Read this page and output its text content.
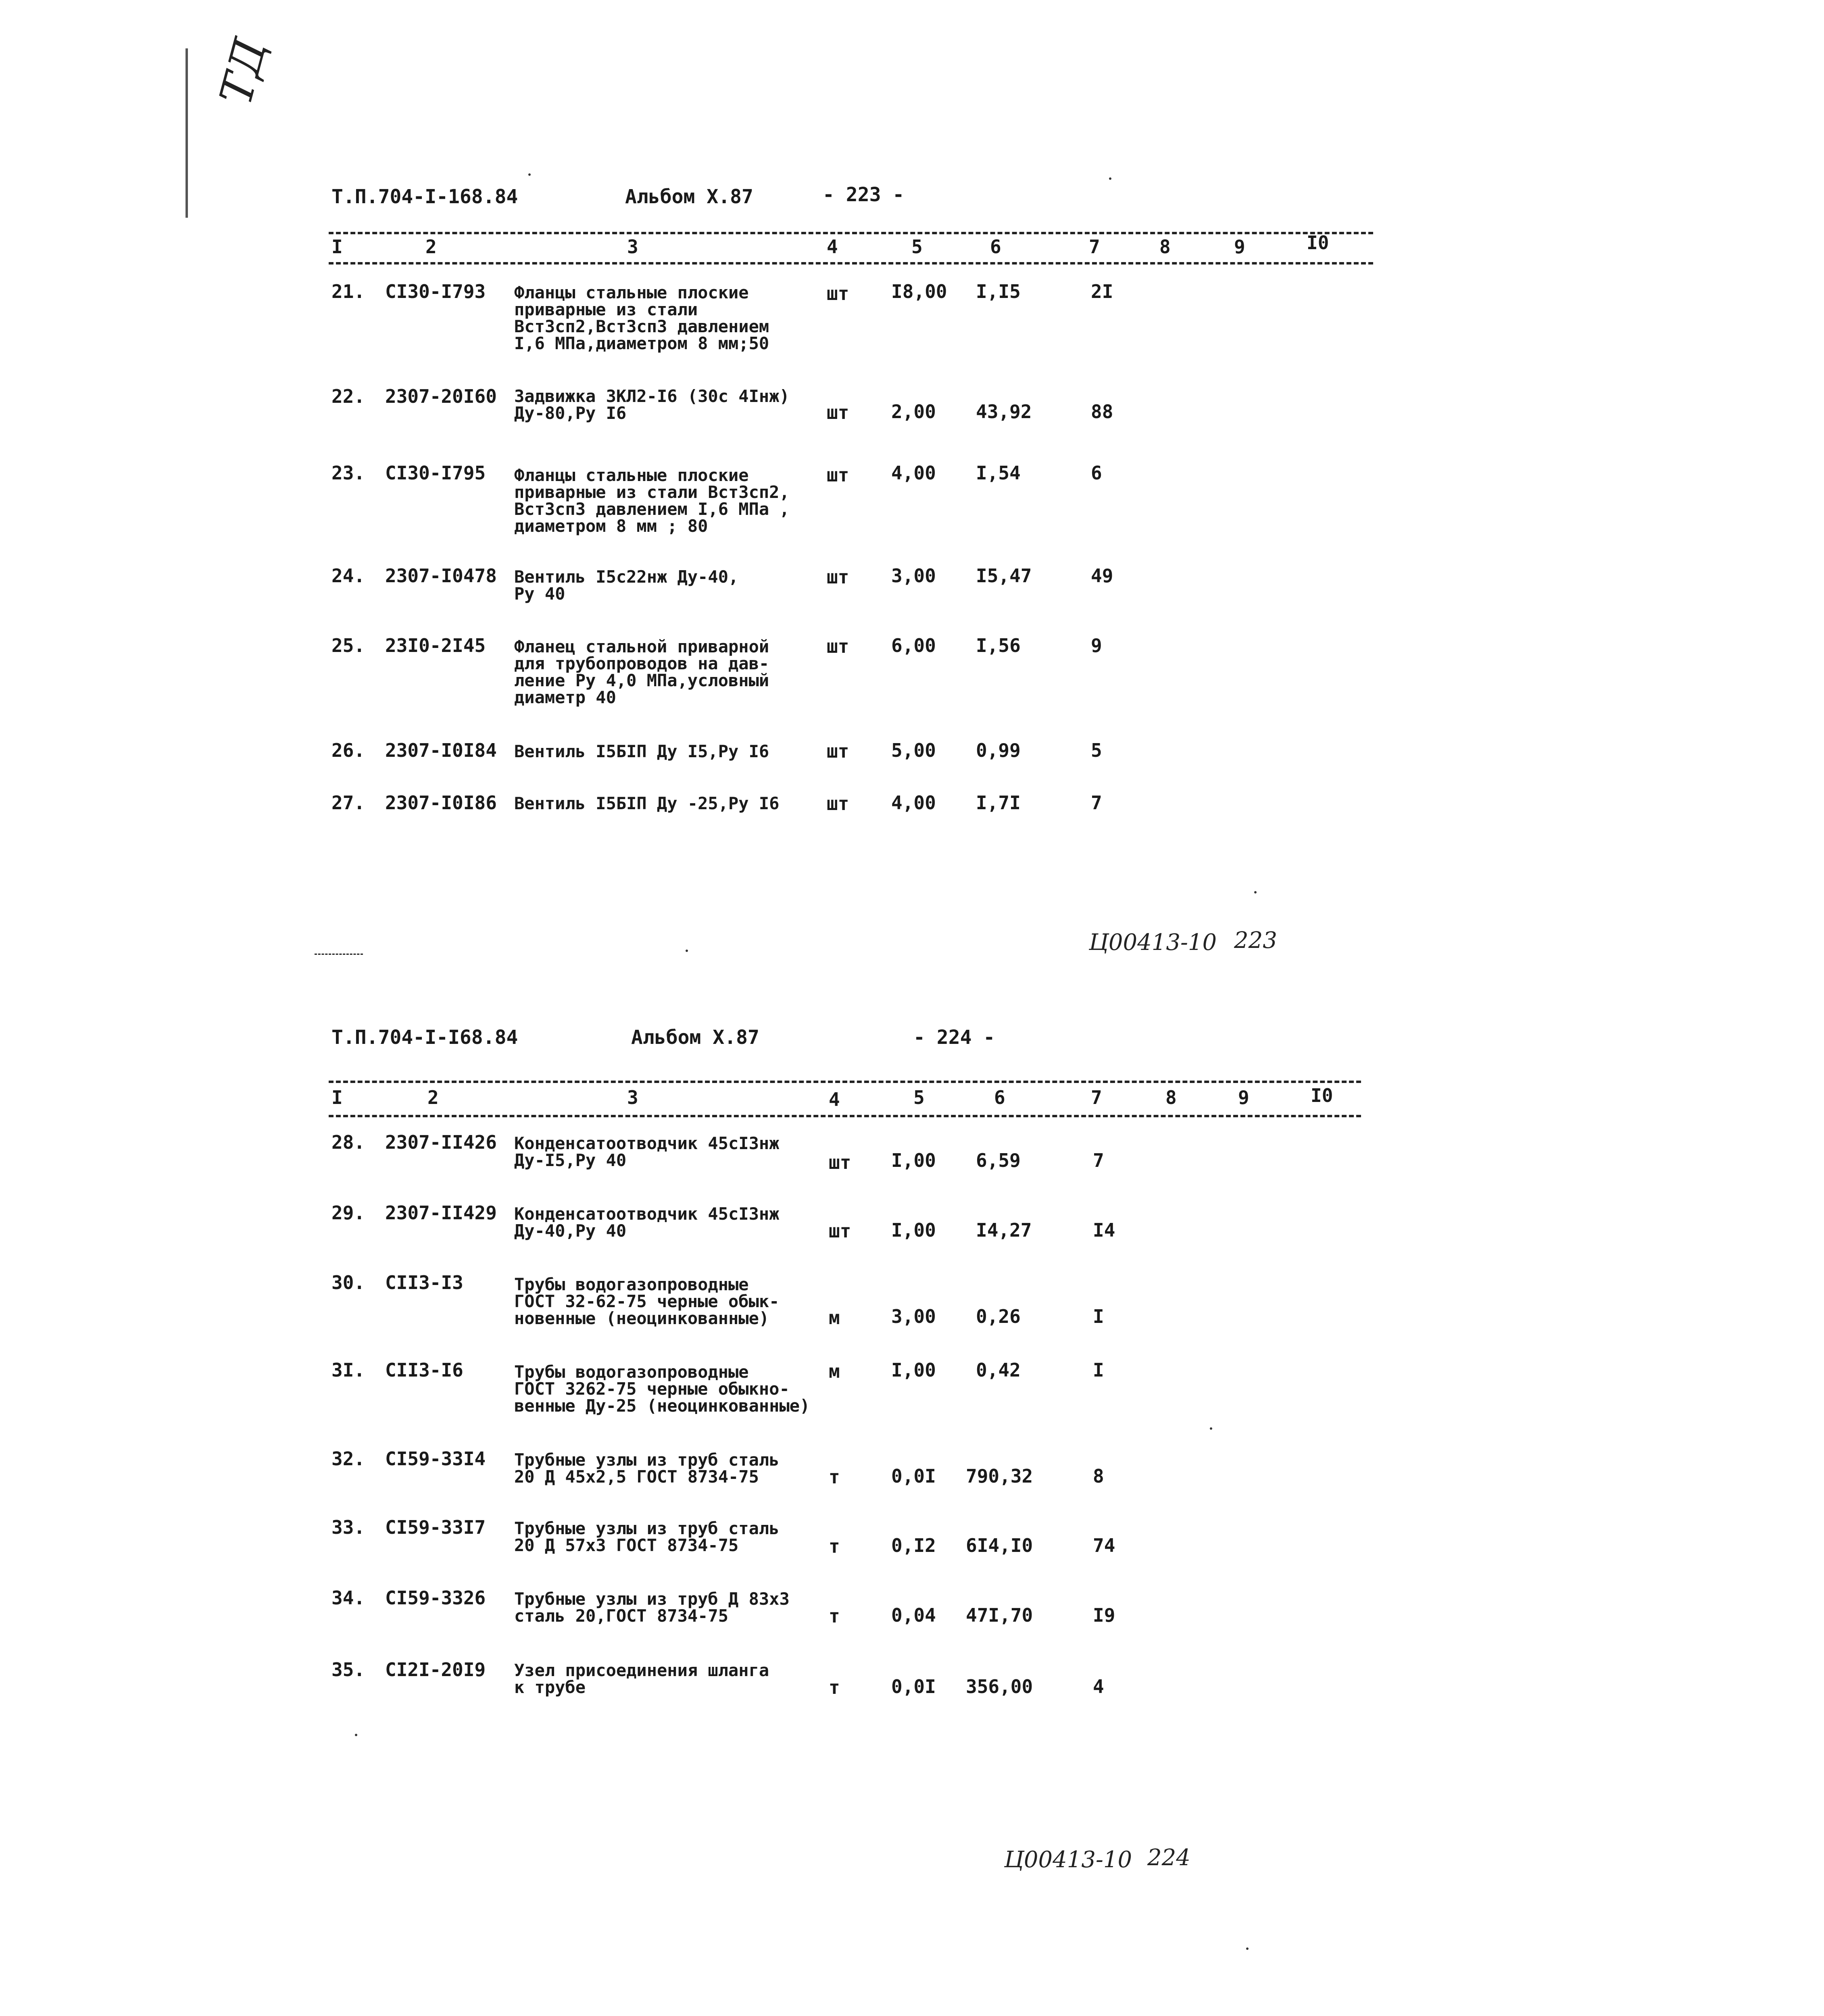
ТД
Т.П.704-I-168.84	Альбом X.87	- 223 -
I	2	3	4	5	6	7	8	9	I0
21. CI30-I793 Фланцы стальные плоские
приварные из стали
Вст3сп2,Вст3сп3 давлением
I,6 МПа,диаметром 8 мм;50
шт I8,00 I,I5	2I
22. 2307-20I60 Задвижка ЗКЛ2-I6 (30с 4Iнж)
Ду-80,Ру I6	шт 2,00 43,92	88
23. CI30-I795 Фланцы стальные плоские
приварные из стали Вст3сп2,
Вст3сп3 давлением I,6 МПа ,
диаметром 8 мм ; 80
шт 4,00 I,54	6
24. 2307-I0478 Вентиль I5с22нж Ду-40,
Ру 40
шт 3,00 I5,47	49
25. 23I0-2I45 Фланец стальной приварной
для трубопроводов на дав-
ление Ру 4,0 МПа,условный
диаметр 40
шт 6,00 I,56	9
26. 2307-I0I84 Вентиль I5БIП Ду I5,Ру I6	шт 5,00 0,99	5
27. 2307-I0I86 Вентиль I5БIП Ду -25,Ру I6	шт 4,00 I,7I	7
Ц00413-10 223
Т.П.704-I-I68.84	Альбом X.87	- 224 -
I	2	3	4	5	6	7	8	9	I0
28. 2307-II426 Конденсатоотводчик 45сI3нж
Ду-I5,Ру 40	шт I,00 6,59	7
29. 2307-II429 Конденсатоотводчик 45сI3нж
Ду-40,Ру 40	шт I,00 I4,27	I4
30. CII3-I3	Трубы водогазопроводные
ГОСТ 32-62-75 черные обык-
новенные (неоцинкованные)	м	3,00 0,26	I
3I. CII3-I6	Трубы водогазопроводные
ГОСТ 3262-75 черные обыкно-
венные Ду-25 (неоцинкованные)
м	I,00 0,42	I
32. CI59-33I4 Трубные узлы из труб сталь
20 Д 45х2,5 ГОСТ 8734-75	т	0,0I 790,32	8
33. CI59-33I7 Трубные узлы из труб сталь
20 Д 57х3 ГОСТ 8734-75	т	0,I2 6I4,I0	74
34. CI59-3326 Трубные узлы из труб Д 83х3
сталь 20,ГОСТ 8734-75	т	0,04 47I,70	I9
35. CI2I-20I9 Узел присоединения шланга
к трубе	т	0,0I 356,00	4
Ц00413-10 224
